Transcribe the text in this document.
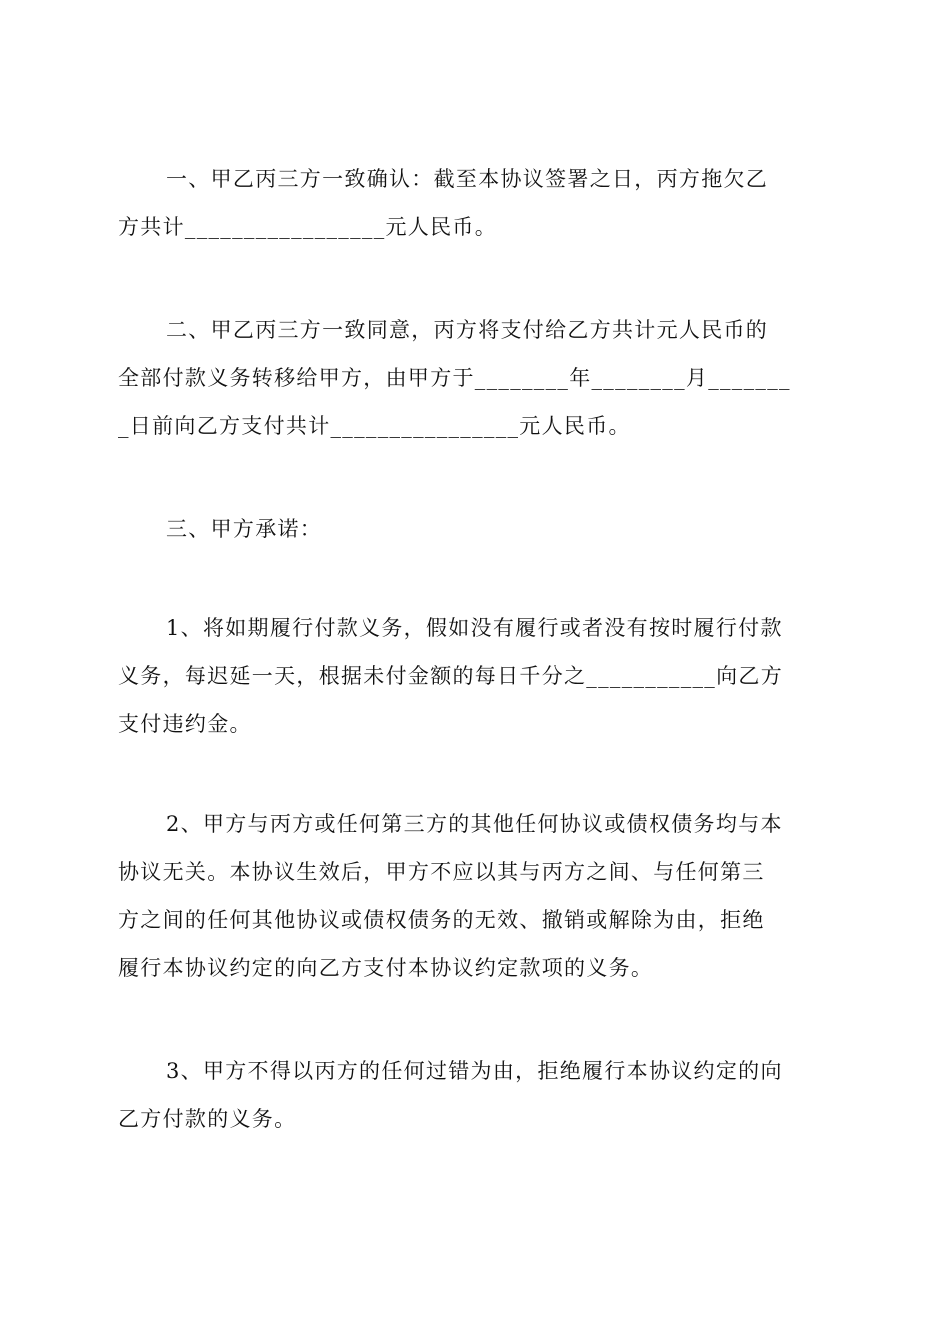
一、甲乙丙三方一致确认：截至本协议签署之日，丙方拖欠乙
方共计_________________元人民币。

二、甲乙丙三方一致同意，丙方将支付给乙方共计元人民币的
全部付款义务转移给甲方，由甲方于________年________月_______
_日前向乙方支付共计________________元人民币。

三、甲方承诺：

1、将如期履行付款义务，假如没有履行或者没有按时履行付款
义务，每迟延一天，根据未付金额的每日千分之___________向乙方
支付违约金。

2、甲方与丙方或任何第三方的其他任何协议或债权债务均与本
协议无关。本协议生效后，甲方不应以其与丙方之间、与任何第三
方之间的任何其他协议或债权债务的无效、撤销或解除为由，拒绝
履行本协议约定的向乙方支付本协议约定款项的义务。

3、甲方不得以丙方的任何过错为由，拒绝履行本协议约定的向
乙方付款的义务。
